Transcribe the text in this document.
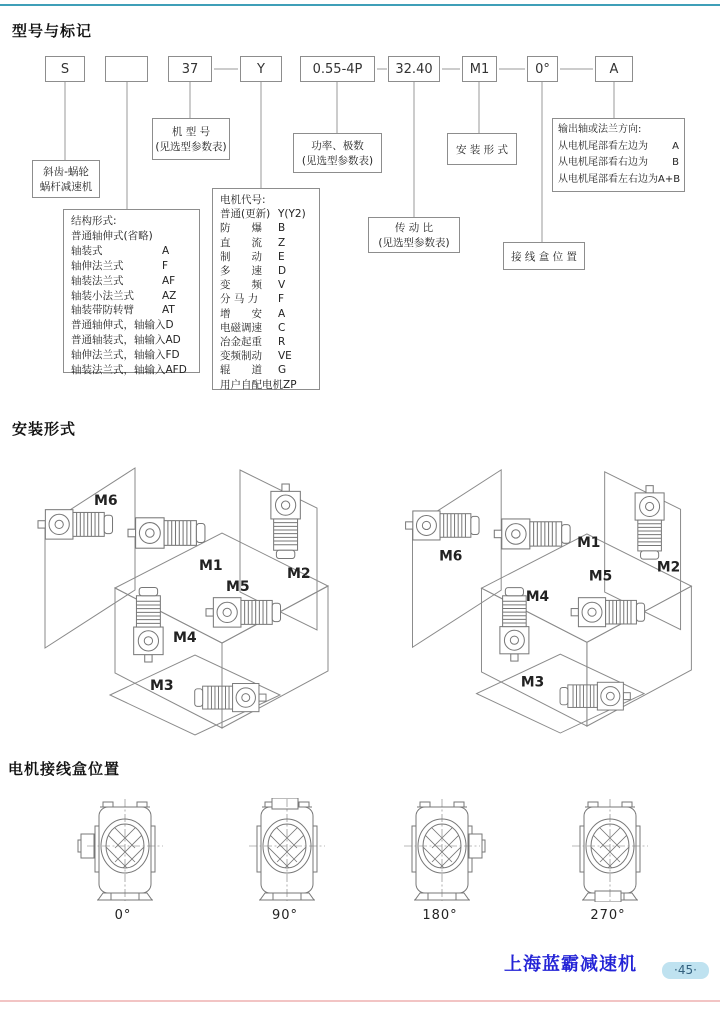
型号与标记
S	37	Y	0.55-4P	32.40	M1	0°	A
斜齿-蜗轮
蜗杆减速机
结构形式:
普通轴伸式(省略)
轴装式	A
轴伸法兰式	F
轴装法兰式	AF
轴装小法兰式	AZ
轴装带防转臂	AT
普通轴伸式，轴输入 D
普通轴装式，轴输入 AD
轴伸法兰式，轴输入 FD
轴装法兰式，轴输入 AFD
机 型 号
(见选型参数表)
电机代号:
普通(更新) Y(Y2)
防　　爆 B
直　　流 Z
制　　动 E
多　　速 D
变　　频 V
分 马 力 F
增　　安 A
电磁调速 C
冶金起重 R
变频制动 VE
辊　　道 G
用户自配电机 ZP
功率、极数
(见选型参数表)
传 动 比
(见选型参数表)
安 装 形 式
接 线 盒 位 置
输出轴或法兰方向:
从电机尾部看左边为 A
从电机尾部看右边为 B
从电机尾部看左右边为 A+B
安装形式
M6
M1	M2
M5
M4
M3
M6
M1
M2
M5
M4
M3
电机接线盒位置
0°	90°	180°	270°
上海蓝霸减速机	·45·
